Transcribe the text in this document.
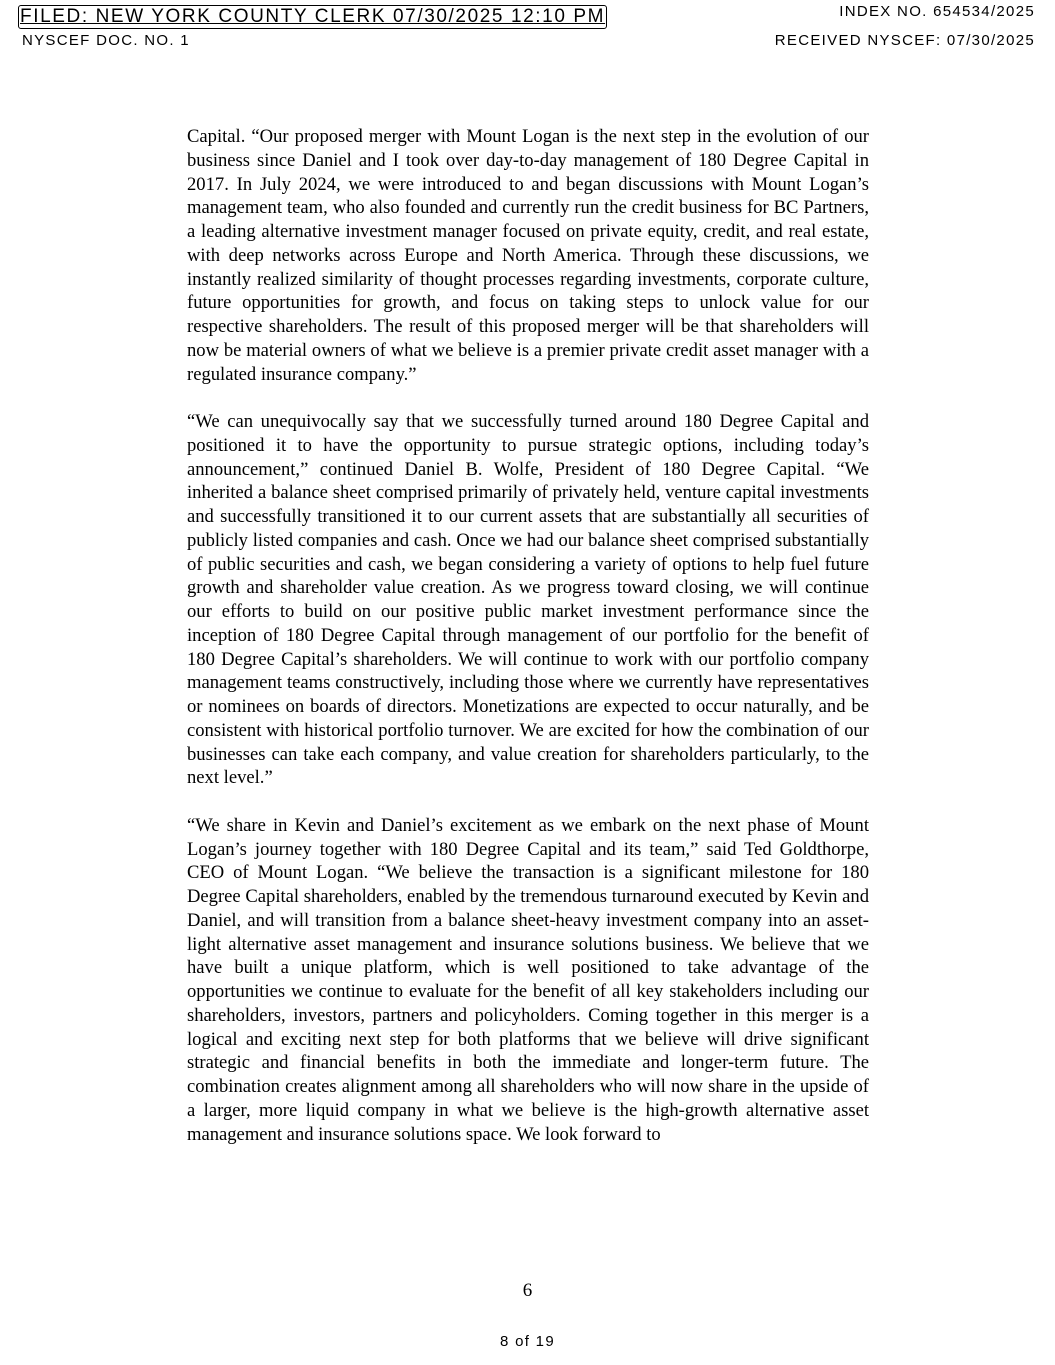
FILED: NEW YORK COUNTY CLERK 07/30/2025 12:10 PM	INDEX NO. 654534/2025
NYSCEF DOC. NO. 1	RECEIVED NYSCEF: 07/30/2025

Capital. “Our proposed merger with Mount Logan is the next step in the evolution of our business since Daniel and I took over day-to-day management of 180 Degree Capital in 2017. In July 2024, we were introduced to and began discussions with Mount Logan’s management team, who also founded and currently run the credit business for BC Partners, a leading alternative investment manager focused on private equity, credit, and real estate, with deep networks across Europe and North America. Through these discussions, we instantly realized similarity of thought processes regarding investments, corporate culture, future opportunities for growth, and focus on taking steps to unlock value for our respective shareholders. The result of this proposed merger will be that shareholders will now be material owners of what we believe is a premier private credit asset manager with a regulated insurance company.”

“We can unequivocally say that we successfully turned around 180 Degree Capital and positioned it to have the opportunity to pursue strategic options, including today’s announcement,” continued Daniel B. Wolfe, President of 180 Degree Capital. “We inherited a balance sheet comprised primarily of privately held, venture capital investments and successfully transitioned it to our current assets that are substantially all securities of publicly listed companies and cash. Once we had our balance sheet comprised substantially of public securities and cash, we began considering a variety of options to help fuel future growth and shareholder value creation. As we progress toward closing, we will continue our efforts to build on our positive public market investment performance since the inception of 180 Degree Capital through management of our portfolio for the benefit of 180 Degree Capital’s shareholders. We will continue to work with our portfolio company management teams constructively, including those where we currently have representatives or nominees on boards of directors. Monetizations are expected to occur naturally, and be consistent with historical portfolio turnover. We are excited for how the combination of our businesses can take each company, and value creation for shareholders particularly, to the next level.”

“We share in Kevin and Daniel’s excitement as we embark on the next phase of Mount Logan’s journey together with 180 Degree Capital and its team,” said Ted Goldthorpe, CEO of Mount Logan. “We believe the transaction is a significant milestone for 180 Degree Capital shareholders, enabled by the tremendous turnaround executed by Kevin and Daniel, and will transition from a balance sheet-heavy investment company into an asset-light alternative asset management and insurance solutions business. We believe that we have built a unique platform, which is well positioned to take advantage of the opportunities we continue to evaluate for the benefit of all key stakeholders including our shareholders, investors, partners and policyholders. Coming together in this merger is a logical and exciting next step for both platforms that we believe will drive significant strategic and financial benefits in both the immediate and longer-term future. The combination creates alignment among all shareholders who will now share in the upside of a larger, more liquid company in what we believe is the high-growth alternative asset management and insurance solutions space. We look forward to

6
8 of 19
